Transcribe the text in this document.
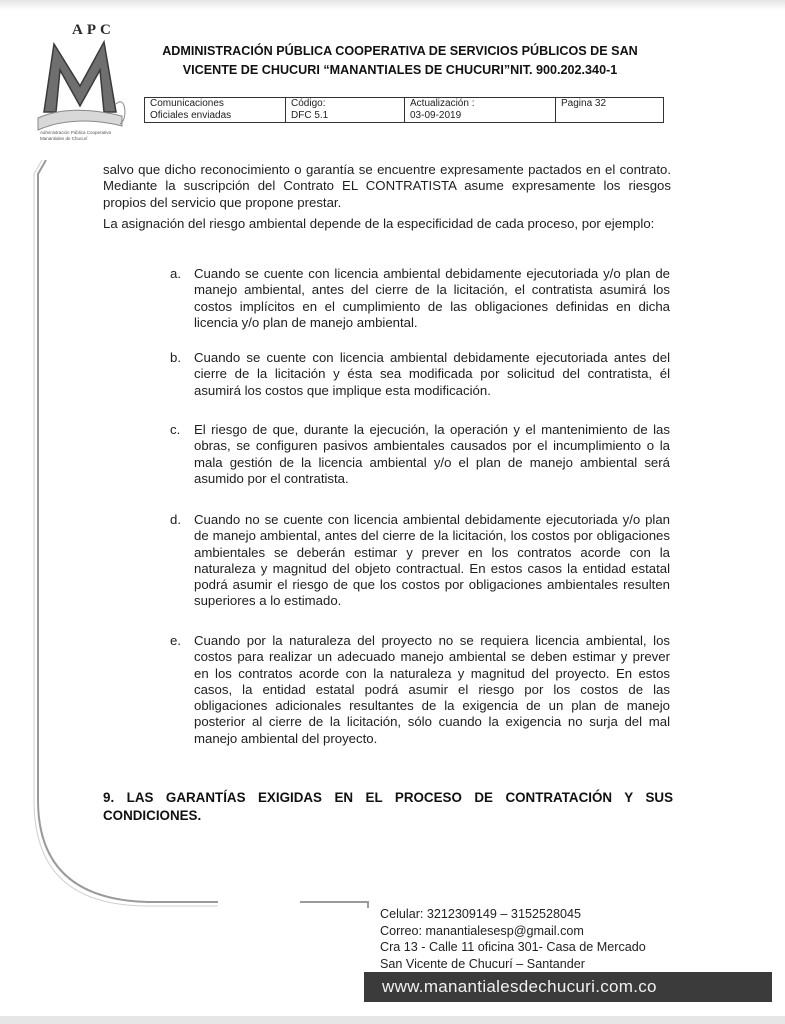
APC
Administración Pública Cooperativa Manantiales de Chucurí
ADMINISTRACIÓN PÚBLICA COOPERATIVA DE SERVICIOS PÚBLICOS DE SAN
VICENTE DE CHUCURI “MANANTIALES DE CHUCURI”NIT. 900.202.340-1
Comunicaciones
Oficiales enviadas

Código:
DFC 5.1

Actualización :
03-09-2019

Pagina 32
salvo que dicho reconocimiento o garantía se encuentre expresamente pactados en el contrato. Mediante la suscripción del Contrato EL CONTRATISTA asume expresamente los riesgos propios del servicio que propone prestar.
La asignación del riesgo ambiental depende de la especificidad de cada proceso, por ejemplo:
a. Cuando se cuente con licencia ambiental debidamente ejecutoriada y/o plan de manejo ambiental, antes del cierre de la licitación, el contratista asumirá los costos implícitos en el cumplimiento de las obligaciones definidas en dicha licencia y/o plan de manejo ambiental.
b. Cuando se cuente con licencia ambiental debidamente ejecutoriada antes del cierre de la licitación y ésta sea modificada por solicitud del contratista, él asumirá los costos que implique esta modificación.
c.	El riesgo de que, durante la ejecución, la operación y el mantenimiento de las obras, se configuren pasivos ambientales causados por el incumplimiento o la mala gestión de la licencia ambiental y/o el plan de manejo ambiental será asumido por el contratista.
d. Cuando no se cuente con licencia ambiental debidamente ejecutoriada y/o plan de manejo ambiental, antes del cierre de la licitación, los costos por obligaciones ambientales se deberán estimar y prever en los contratos acorde con la naturaleza y magnitud del objeto contractual. En estos casos la entidad estatal podrá asumir el riesgo de que los costos por obligaciones ambientales resulten superiores a lo estimado.
e. Cuando por la naturaleza del proyecto no se requiera licencia ambiental, los costos para realizar un adecuado manejo ambiental se deben estimar y prever en los contratos acorde con la naturaleza y magnitud del proyecto. En estos casos, la entidad estatal podrá asumir el riesgo por los costos de las obligaciones adicionales resultantes de la exigencia de un plan de manejo posterior al cierre de la licitación, sólo cuando la exigencia no surja del mal manejo ambiental del proyecto.
9. LAS GARANTÍAS EXIGIDAS EN EL PROCESO DE CONTRATACIÓN Y SUS CONDICIONES.
Celular: 3212309149 – 3152528045
Correo: manantialesesp@gmail.com
Cra 13 - Calle 11 oficina 301- Casa de Mercado
San Vicente de Chucurí – Santander
www.manantialesdechucuri.com.co
